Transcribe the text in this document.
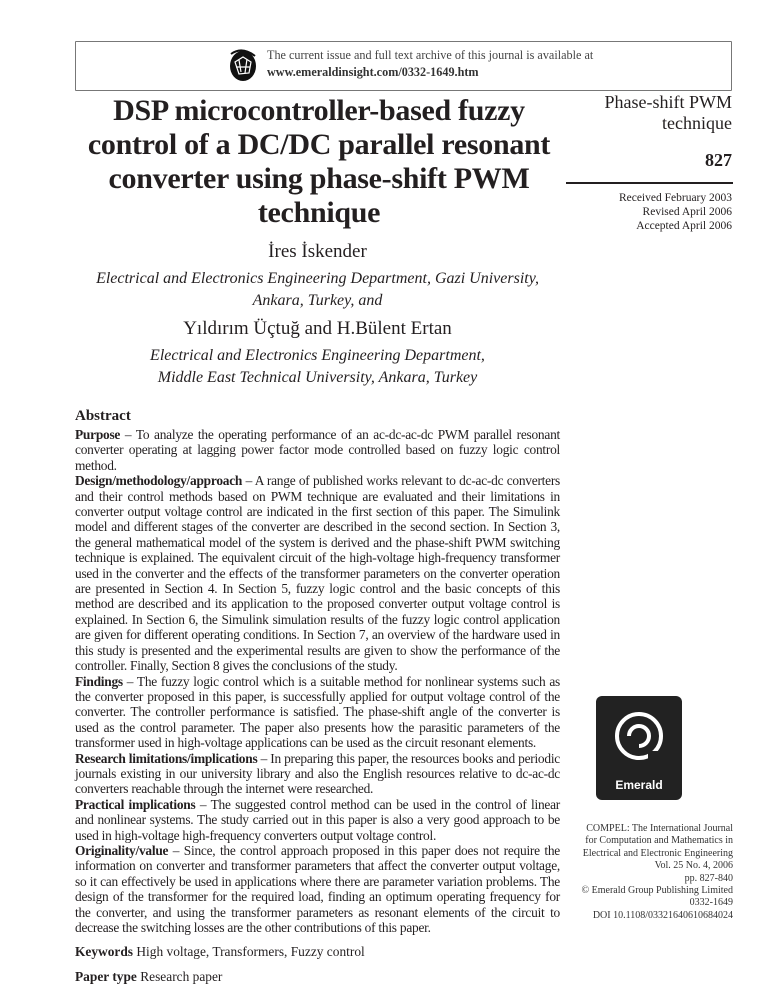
The current issue and full text archive of this journal is available at
www.emeraldinsight.com/0332-1649.htm
Phase-shift PWM technique
827
Received February 2003
Revised April 2006
Accepted April 2006
DSP microcontroller-based fuzzy control of a DC/DC parallel resonant converter using phase-shift PWM technique
İres İskender
Electrical and Electronics Engineering Department, Gazi University,
Ankara, Turkey, and
Yıldırım Üçtuğ and H.Bülent Ertan
Electrical and Electronics Engineering Department,
Middle East Technical University, Ankara, Turkey
Abstract

Purpose – To analyze the operating performance of an ac-dc-ac-dc PWM parallel resonant converter operating at lagging power factor mode controlled based on fuzzy logic control method.

Design/methodology/approach – A range of published works relevant to dc-ac-dc converters and their control methods based on PWM technique are evaluated and their limitations in converter output voltage control are indicated in the first section of this paper. The Simulink model and different stages of the converter are described in the second section. In Section 3, the general mathematical model of the system is derived and the phase-shift PWM switching technique is explained. The equivalent circuit of the high-voltage high-frequency transformer used in the converter and the effects of the transformer parameters on the converter operation are presented in Section 4. In Section 5, fuzzy logic control and the basic concepts of this method are described and its application to the proposed converter output voltage control is explained. In Section 6, the Simulink simulation results of the fuzzy logic control application are given for different operating conditions. In Section 7, an overview of the hardware used in this study is presented and the experimental results are given to show the performance of the controller. Finally, Section 8 gives the conclusions of the study.

Findings – The fuzzy logic control which is a suitable method for nonlinear systems such as the converter proposed in this paper, is successfully applied for output voltage control of the converter. The controller performance is satisfied. The phase-shift angle of the converter is used as the control parameter. The paper also presents how the parasitic parameters of the transformer used in high-voltage applications can be used as the circuit resonant elements.

Research limitations/implications – In preparing this paper, the resources books and periodic journals existing in our university library and also the English resources relative to dc-ac-dc converters reachable through the internet were researched.

Practical implications – The suggested control method can be used in the control of linear and nonlinear systems. The study carried out in this paper is also a very good approach to be used in high-voltage high-frequency converters output voltage control.

Originality/value – Since, the control approach proposed in this paper does not require the information on converter and transformer parameters that affect the converter output voltage, so it can effectively be used in applications where there are parameter variation problems. The design of the transformer for the required load, finding an optimum operating frequency for the converter, and using the transformer parameters as resonant elements of the circuit to decrease the switching losses are the other contributions of this paper.

Keywords High voltage, Transformers, Fuzzy control
Paper type Research paper
Emerald
COMPEL: The International Journal
for Computation and Mathematics in
Electrical and Electronic Engineering
Vol. 25 No. 4, 2006
pp. 827-840
© Emerald Group Publishing Limited
0332-1649
DOI 10.1108/03321640610684024
